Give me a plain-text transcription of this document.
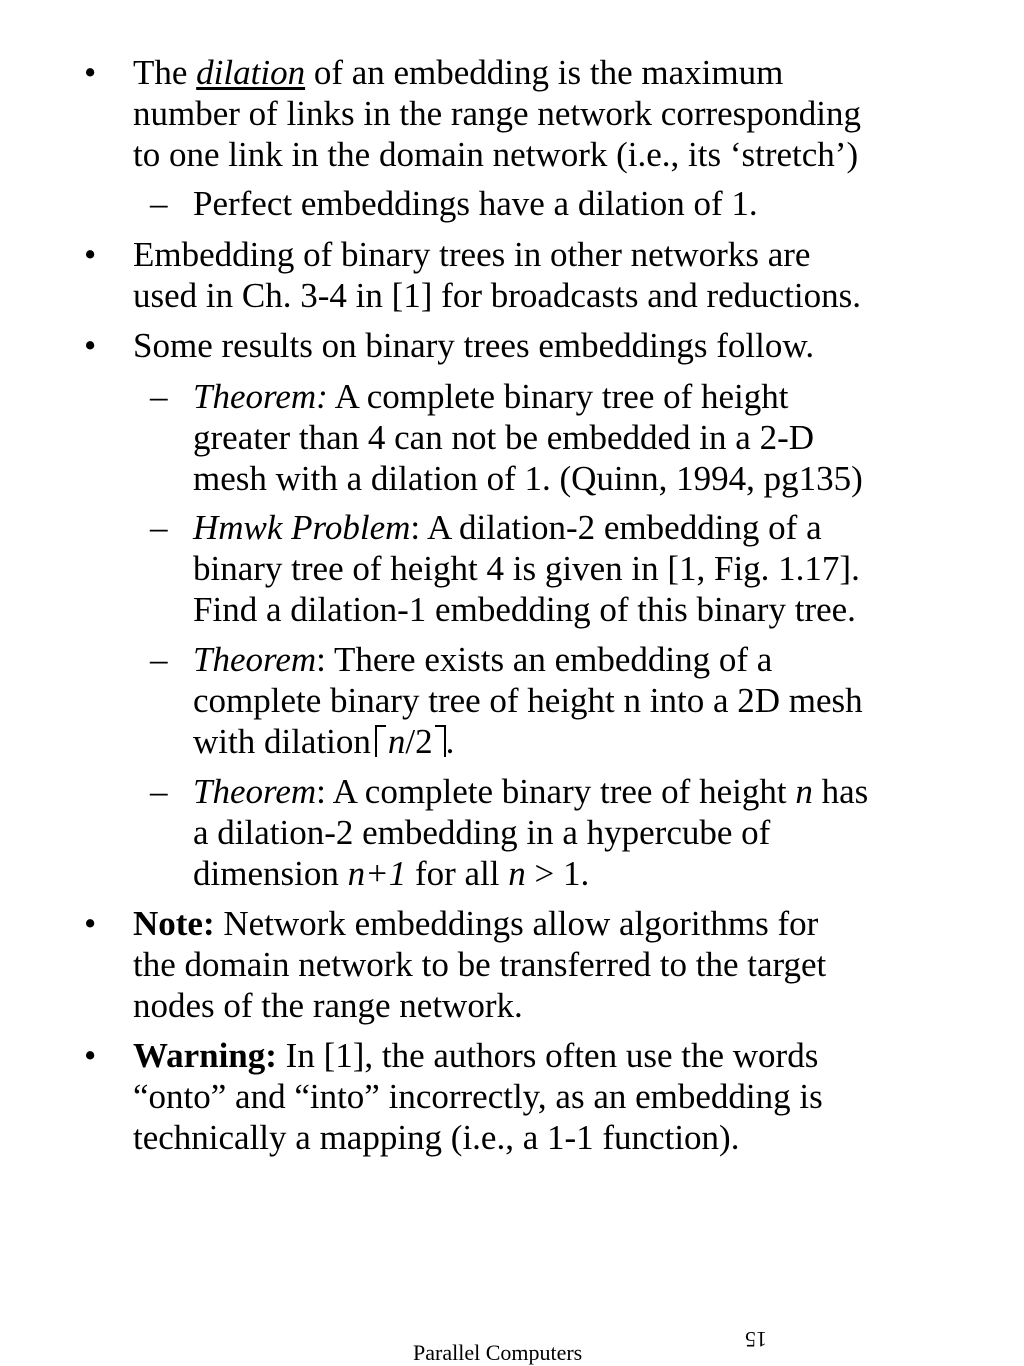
• The dilation of an embedding is the maximum
number of links in the range network corresponding
to one link in the domain network (i.e., its ‘stretch’)
– Perfect embeddings have a dilation of 1.
• Embedding of binary trees in other networks are
used in Ch. 3-4 in [1] for broadcasts and reductions.
• Some results on binary trees embeddings follow.
– Theorem: A complete binary tree of height
greater than 4 can not be embedded in a 2-D
mesh with a dilation of 1. (Quinn, 1994, pg135)
– Hmwk Problem: A dilation-2 embedding of a
binary tree of height 4 is given in [1, Fig. 1.17].
Find a dilation-1 embedding of this binary tree.
– Theorem: There exists an embedding of a
complete binary tree of height n into a 2D mesh
with dilation n/2 .
– Theorem: A complete binary tree of height n has
a dilation-2 embedding in a hypercube of
dimension n+1 for all n > 1.
• Note: Network embeddings allow algorithms for
the domain network to be transferred to the target
nodes of the range network.
• Warning: In [1], the authors often use the words
“onto” and “into” incorrectly, as an embedding is
technically a mapping (i.e., a 1-1 function).
15
Parallel Computers
